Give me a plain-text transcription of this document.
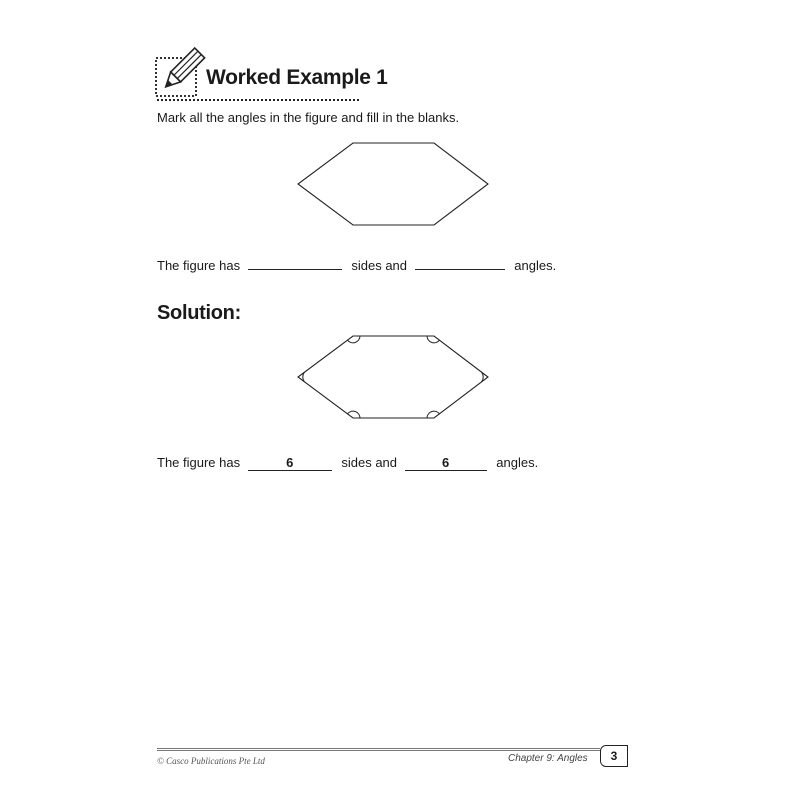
Worked Example 1
Mark all the angles in the figure and fill in the blanks.
The figure has	sides and	angles.
Solution:
The figure has	6	sides and	6	angles.
© Casco Publications Pte Ltd	Chapter 9: Angles	3
